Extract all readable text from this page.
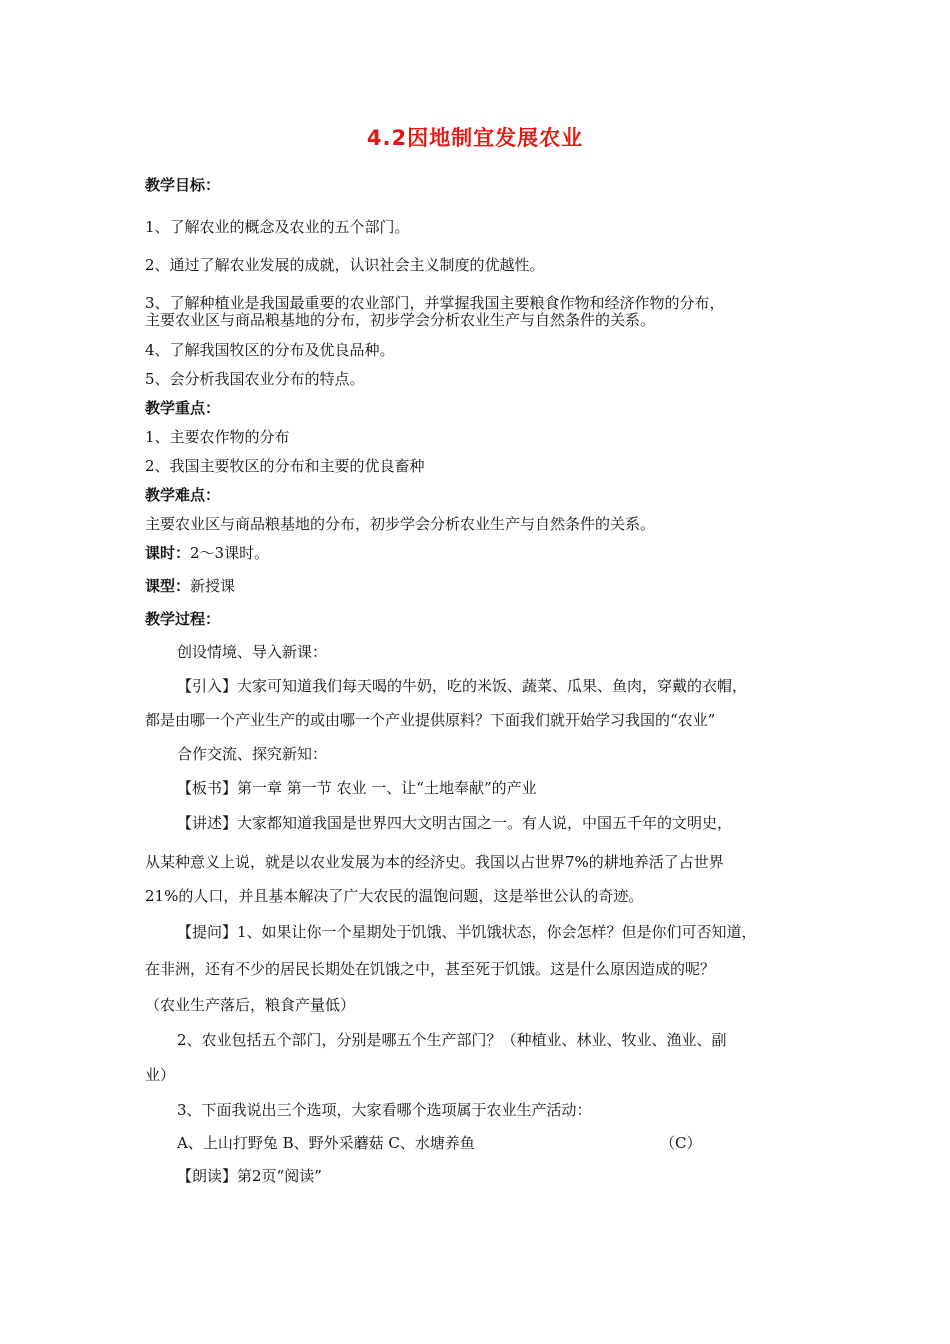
4.2因地制宜发展农业
教学目标：
1、了解农业的概念及农业的五个部门。
2、通过了解农业发展的成就，认识社会主义制度的优越性。
3、了解种植业是我国最重要的农业部门，并掌握我国主要粮食作物和经济作物的分布，
主要农业区与商品粮基地的分布，初步学会分析农业生产与自然条件的关系。
4、了解我国牧区的分布及优良品种。
5、会分析我国农业分布的特点。
教学重点：
1、主要农作物的分布
2、我国主要牧区的分布和主要的优良畜种
教学难点：
主要农业区与商品粮基地的分布，初步学会分析农业生产与自然条件的关系。
课时：2～3课时。
课型：新授课
教学过程：
创设情境、导入新课：
【引入】大家可知道我们每天喝的牛奶，吃的米饭、蔬菜、瓜果、鱼肉，穿戴的衣帽，
都是由哪一个产业生产的或由哪一个产业提供原料？下面我们就开始学习我国的“农业”
合作交流、探究新知：
【板书】第一章 第一节 农业 一、让“土地奉献”的产业
【讲述】大家都知道我国是世界四大文明古国之一。有人说，中国五千年的文明史，
从某种意义上说，就是以农业发展为本的经济史。我国以占世界7%的耕地养活了占世界
21%的人口，并且基本解决了广大农民的温饱问题，这是举世公认的奇迹。
【提问】1、如果让你一个星期处于饥饿、半饥饿状态，你会怎样？但是你们可否知道，
在非洲，还有不少的居民长期处在饥饿之中，甚至死于饥饿。这是什么原因造成的呢？
（农业生产落后，粮食产量低）
2、农业包括五个部门，分别是哪五个生产部门？（种植业、林业、牧业、渔业、副
业）
3、下面我说出三个选项，大家看哪个选项属于农业生产活动：
A、上山打野兔 B、野外采蘑菇 C、水塘养鱼	（C）
【朗读】第2页“阅读”
